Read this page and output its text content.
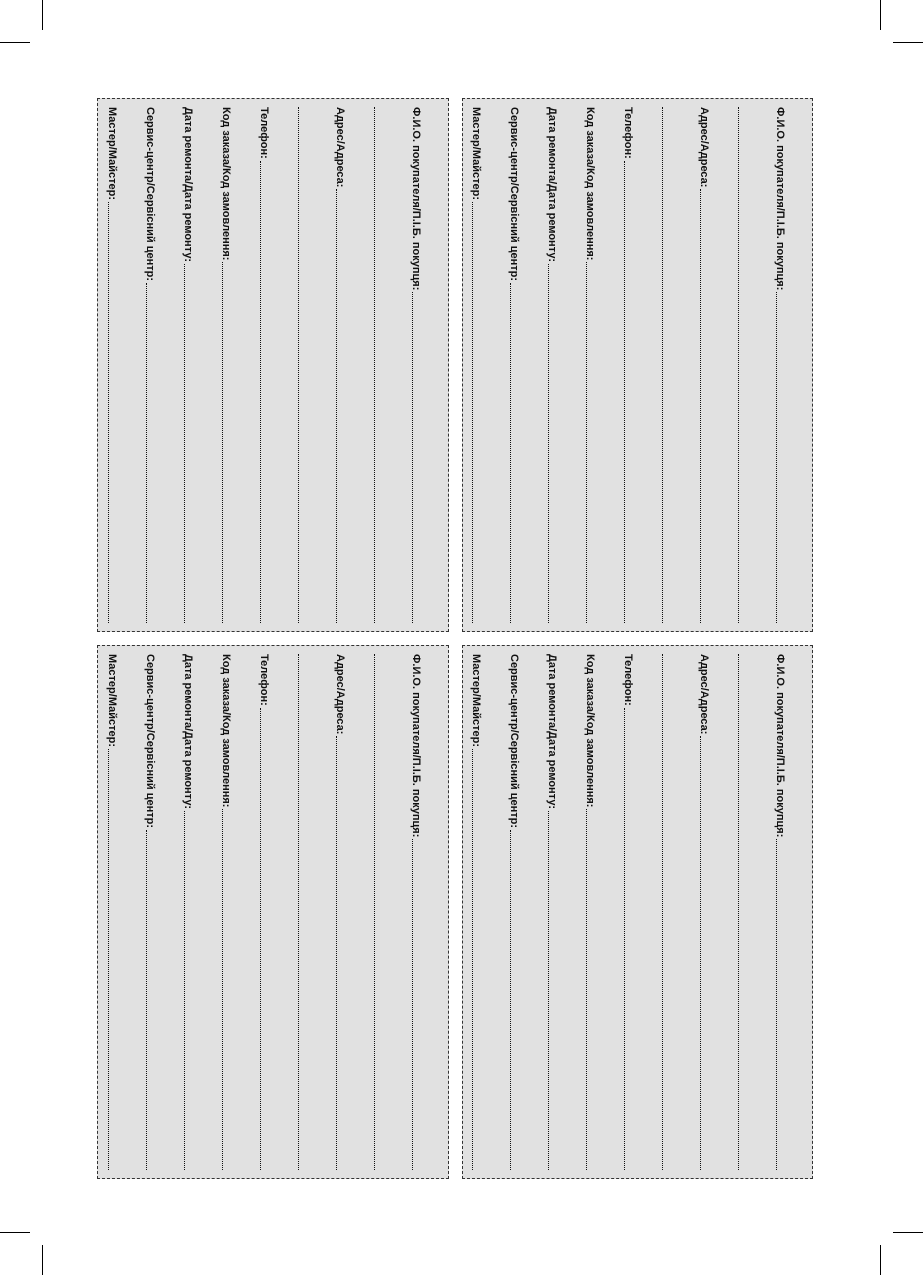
Ф.И.О. покупателя/П.І.Б. покупця:
Адрес/Адреса:
Телефон:
Код заказа/Код замовлення:
Дата ремонта/Дата ремонту:
Сервис-центр/Сервісний центр:
Мастер/Майстер:
Ф.И.О. покупателя/П.І.Б. покупця:
Адрес/Адреса:
Телефон:
Код заказа/Код замовлення:
Дата ремонта/Дата ремонту:
Сервис-центр/Сервісний центр:
Мастер/Майстер:
Ф.И.О. покупателя/П.І.Б. покупця:
Адрес/Адреса:
Телефон:
Код заказа/Код замовлення:
Дата ремонта/Дата ремонту:
Сервис-центр/Сервісний центр:
Мастер/Майстер:
Ф.И.О. покупателя/П.І.Б. покупця:
Адрес/Адреса:
Телефон:
Код заказа/Код замовлення:
Дата ремонта/Дата ремонту:
Сервис-центр/Сервісний центр:
Мастер/Майстер:
